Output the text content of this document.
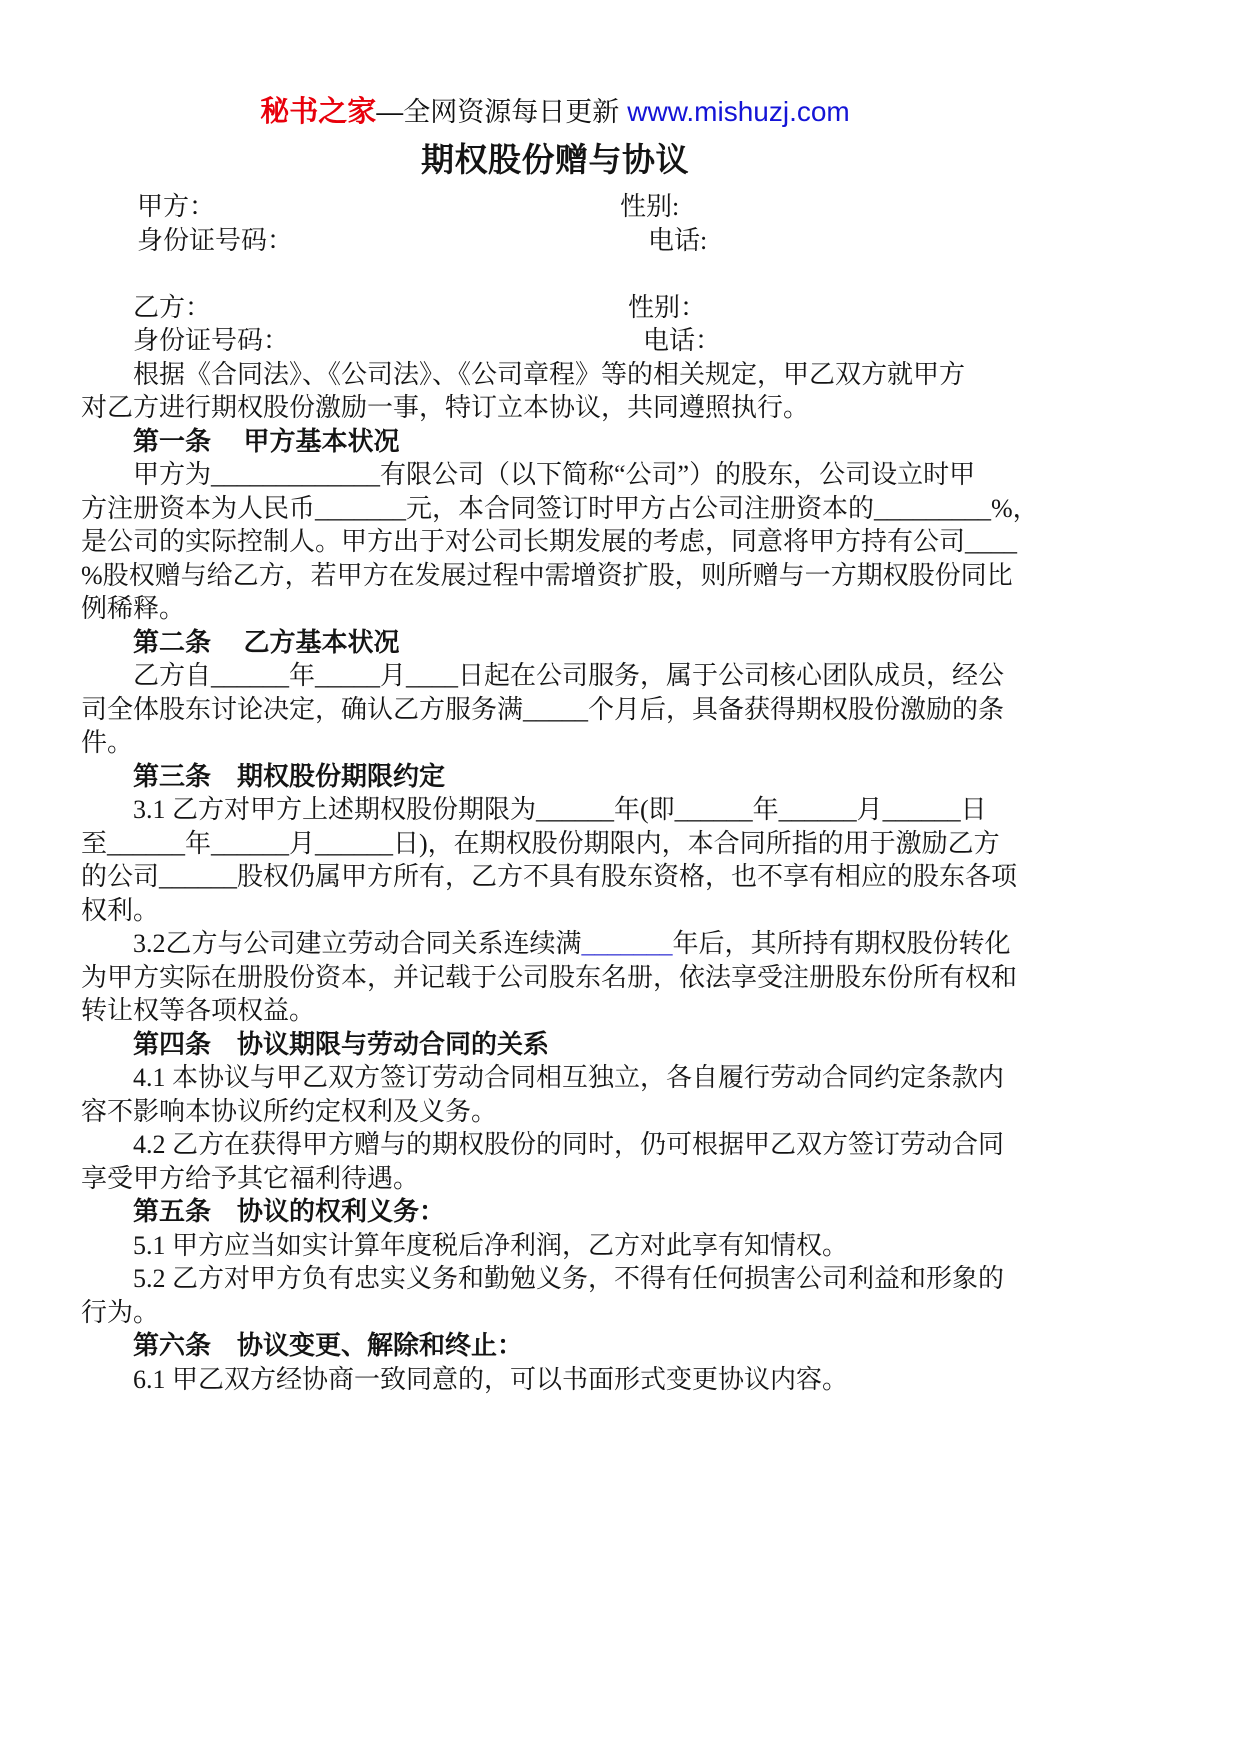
秘书之家—全网资源每日更新 www.mishuzj.com
期权股份赠与协议
甲方：	性别:
身份证号码：	电话:
乙方：	性别：
身份证号码：	电话：
根据《合同法》、《公司法》、《公司章程》等的相关规定，甲乙双方就甲方
对乙方进行期权股份激励一事，特订立本协议，共同遵照执行。
第一条　 甲方基本状况
甲方为_____________有限公司（以下简称“公司”）的股东，公司设立时甲
方注册资本为人民币_______元，本合同签订时甲方占公司注册资本的_________%，
是公司的实际控制人。甲方出于对公司长期发展的考虑，同意将甲方持有公司____
%股权赠与给乙方，若甲方在发展过程中需增资扩股，则所赠与一方期权股份同比
例稀释。
第二条　 乙方基本状况
乙方自______年_____月____日起在公司服务，属于公司核心团队成员，经公
司全体股东讨论决定，确认乙方服务满_____个月后，具备获得期权股份激励的条
件。
第三条　期权股份期限约定
3.1 乙方对甲方上述期权股份期限为______年(即______年______月______日
至______年______月______日)，在期权股份期限内，本合同所指的用于激励乙方
的公司______股权仍属甲方所有，乙方不具有股东资格，也不享有相应的股东各项
权利。
3.2乙方与公司建立劳动合同关系连续满_______年后，其所持有期权股份转化
为甲方实际在册股份资本，并记载于公司股东名册，依法享受注册股东份所有权和
转让权等各项权益。
第四条　协议期限与劳动合同的关系
4.1 本协议与甲乙双方签订劳动合同相互独立，各自履行劳动合同约定条款内
容不影响本协议所约定权利及义务。
4.2 乙方在获得甲方赠与的期权股份的同时，仍可根据甲乙双方签订劳动合同
享受甲方给予其它福利待遇。
第五条　协议的权利义务：
5.1 甲方应当如实计算年度税后净利润，乙方对此享有知情权。
5.2 乙方对甲方负有忠实义务和勤勉义务，不得有任何损害公司利益和形象的
行为。
第六条　协议变更、解除和终止：
6.1 甲乙双方经协商一致同意的，可以书面形式变更协议内容。
